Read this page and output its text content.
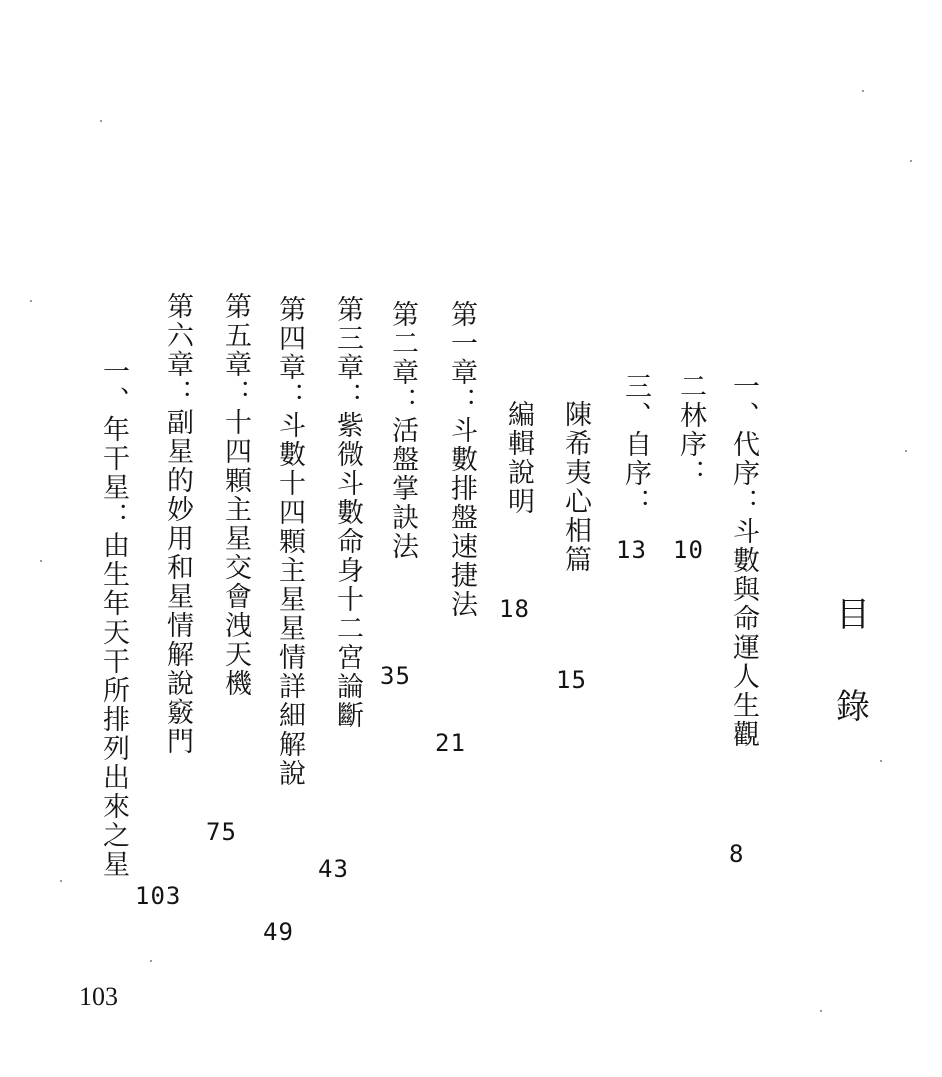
目
錄
一、代序：斗數與命運人生觀
8
二林序：
10
三、自序：
13
陳希夷心相篇
15
編輯說明
18
第一章：斗數排盤速捷法
21
第二章：活盤掌訣法
35
第三章：紫微斗數命身十二宮論斷
43
第四章：斗數十四顆主星星情詳細解說
49
第五章：十四顆主星交會洩天機
75
第六章：副星的妙用和星情解說竅門
一、年干星：由生年天干所排列出來之星
103
103
